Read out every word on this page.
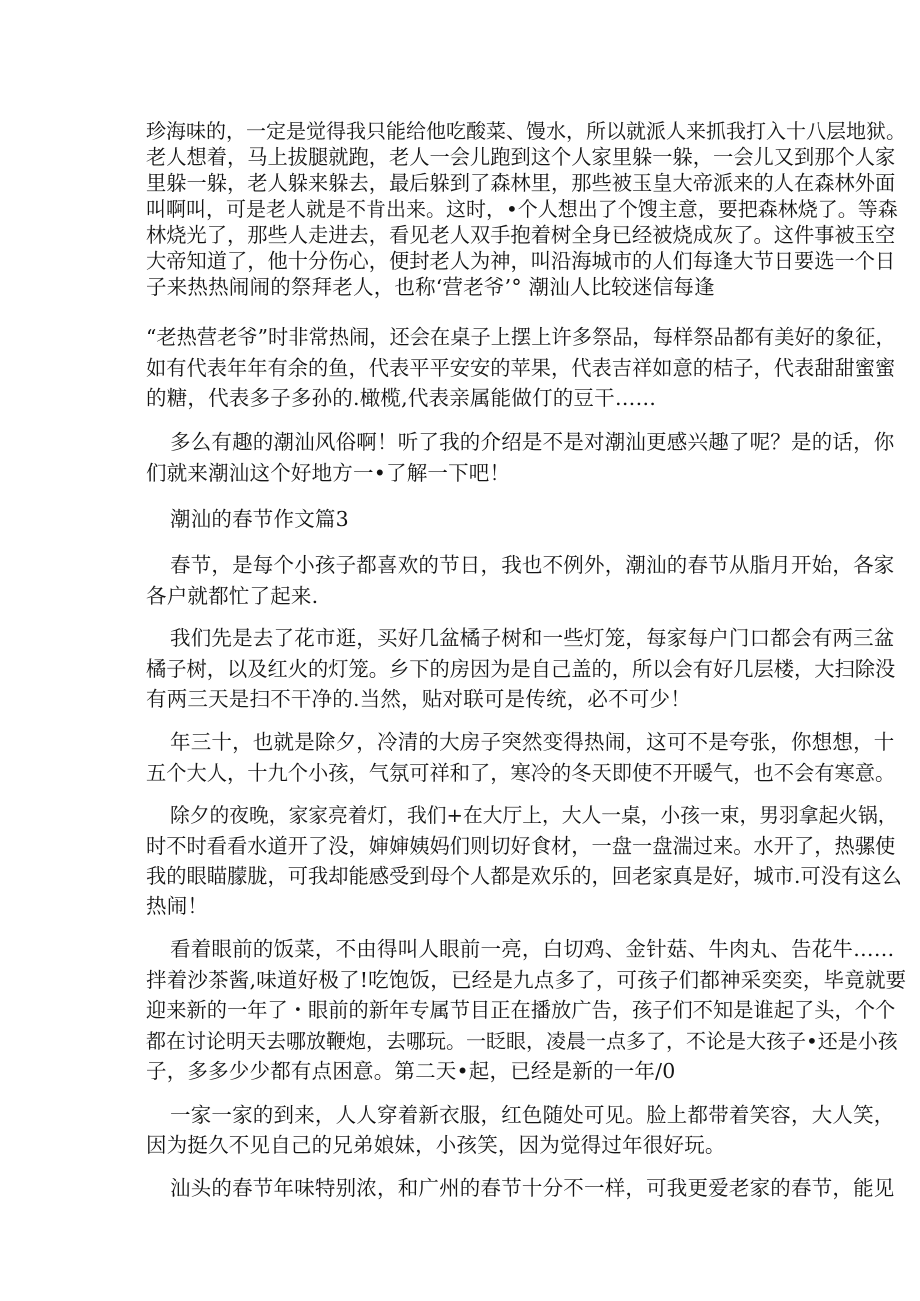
珍海味的，一定是觉得我只能给他吃酸菜、馒水，所以就派人来抓我打入十八层地狱。
老人想着，马上拔腿就跑，老人一会儿跑到这个人家里躲一躲，一会儿又到那个人家
里躲一躲，老人躲来躲去，最后躲到了森林里，那些被玉皇大帝派来的人在森林外面
叫啊叫，可是老人就是不肯出来。这时，•个人想出了个馊主意，要把森林烧了。等森
林烧光了，那些人走进去，看见老人双手抱着树全身已经被烧成灰了。这件事被玉空
大帝知道了，他十分伤心，便封老人为神，叫沿海城市的人们每逢大节日要选一个日
子来热热闹闹的祭拜老人，也称‘营老爷’° 潮汕人比较迷信每逢
“老热营老爷”时非常热闹，还会在桌子上摆上许多祭品，每样祭品都有美好的象征，
如有代表年年有余的鱼，代表平平安安的苹果，代表吉祥如意的桔子，代表甜甜蜜蜜
的糖，代表多子多孙的.橄榄,代表亲属能做仃的豆干……
多么有趣的潮汕风俗啊！听了我的介绍是不是对潮汕更感兴趣了呢？是的话，你
们就来潮汕这个好地方一•了解一下吧！
潮汕的春节作文篇3
春节，是每个小孩子都喜欢的节日，我也不例外，潮汕的春节从脂月开始，各家
各户就都忙了起来.
我们先是去了花市逛，买好几盆橘子树和一些灯笼，每家每户门口都会有两三盆
橘子树，以及红火的灯笼。乡下的房因为是自己盖的，所以会有好几层楼，大扫除没
有两三天是扫不干净的.当然，贴对联可是传统，必不可少！
年三十，也就是除夕，冷清的大房子突然变得热闹，这可不是夸张，你想想，十
五个大人，十九个小孩，气氛可祥和了，寒冷的冬天即使不开暖气，也不会有寒意。
除夕的夜晚，家家亮着灯，我们+在大厅上，大人一桌，小孩一束，男羽拿起火锅，
时不时看看水道开了没，婶婶姨妈们则切好食材，一盘一盘湍过来。水开了，热骡使
我的眼瞄朦胧，可我却能感受到母个人都是欢乐的，回老家真是好，城市.可没有这么
热闹！
看着眼前的饭菜，不由得叫人眼前一亮，白切鸡、金针菇、牛肉丸、告花牛……
拌着沙茶酱,味道好极了!吃饱饭，已经是九点多了，可孩子们都神采奕奕，毕竟就要
迎来新的一年了・眼前的新年专属节目正在播放广告，孩子们不知是谁起了头，个个
都在讨论明天去哪放鞭炮，去哪玩。一眨眼，凌晨一点多了，不论是大孩子•还是小孩
子，多多少少都有点困意。第二天•起，已经是新的一年/0
一家一家的到来，人人穿着新衣服，红色随处可见。脸上都带着笑容，大人笑，
因为挺久不见自己的兄弟娘妹，小孩笑，因为觉得过年很好玩。
汕头的春节年味特别浓，和广州的春节十分不一样，可我更爱老家的春节，能见
